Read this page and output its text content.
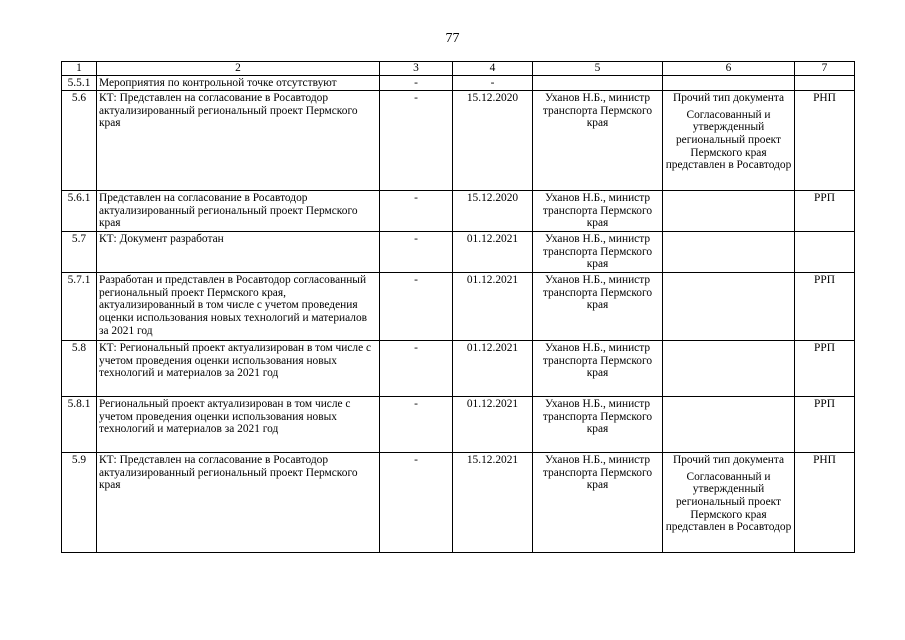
77
1	2	3	4	5	6	7
5.5.1	Мероприятия по контрольной точке отсутствуют	-	-			
5.6	КТ: Представлен на согласование в Росавтодор актуализированный региональный проект Пермского края	-	15.12.2020	Уханов Н.Б., министр транспорта Пермского края	Прочий тип документа
Согласованный и утвержденный региональный проект Пермского края представлен в Росавтодор	РНП
5.6.1	Представлен на согласование в Росавтодор актуализированный региональный проект Пермского края	-	15.12.2020	Уханов Н.Б., министр транспорта Пермского края		РРП
5.7	КТ: Документ разработан	-	01.12.2021	Уханов Н.Б., министр транспорта Пермского края		
5.7.1	Разработан и представлен в Росавтодор согласованный региональный проект Пермского края, актуализированный в том числе с учетом проведения оценки использования новых технологий и материалов за 2021 год	-	01.12.2021	Уханов Н.Б., министр транспорта Пермского края		РРП
5.8	КТ: Региональный проект актуализирован в том числе с учетом проведения оценки использования новых технологий и материалов за 2021 год	-	01.12.2021	Уханов Н.Б., министр транспорта Пермского края		РРП
5.8.1	Региональный проект актуализирован в том числе с учетом проведения оценки использования новых технологий и материалов за 2021 год	-	01.12.2021	Уханов Н.Б., министр транспорта Пермского края		РРП
5.9	КТ: Представлен на согласование в Росавтодор актуализированный региональный проект Пермского края	-	15.12.2021	Уханов Н.Б., министр транспорта Пермского края	Прочий тип документа
Согласованный и утвержденный региональный проект Пермского края представлен в Росавтодор	РНП
